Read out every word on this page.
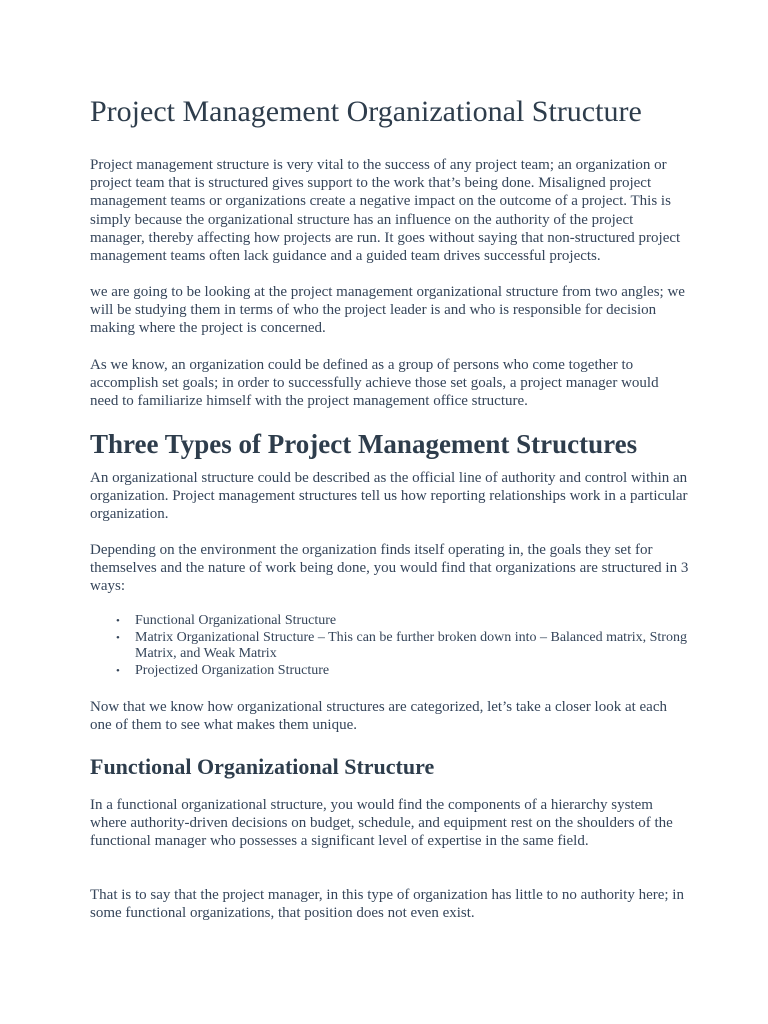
Project Management Organizational Structure

Project management structure is very vital to the success of any project team; an organization or project team that is structured gives support to the work that’s being done. Misaligned project management teams or organizations create a negative impact on the outcome of a project. This is simply because the organizational structure has an influence on the authority of the project manager, thereby affecting how projects are run. It goes without saying that non-structured project management teams often lack guidance and a guided team drives successful projects.

we are going to be looking at the project management organizational structure from two angles; we will be studying them in terms of who the project leader is and who is responsible for decision making where the project is concerned.

As we know, an organization could be defined as a group of persons who come together to accomplish set goals; in order to successfully achieve those set goals, a project manager would need to familiarize himself with the project management office structure.

Three Types of Project Management Structures

An organizational structure could be described as the official line of authority and control within an organization. Project management structures tell us how reporting relationships work in a particular organization.

Depending on the environment the organization finds itself operating in, the goals they set for themselves and the nature of work being done, you would find that organizations are structured in 3 ways:

• Functional Organizational Structure
• Matrix Organizational Structure – This can be further broken down into – Balanced matrix, Strong Matrix, and Weak Matrix
• Projectized Organization Structure

Now that we know how organizational structures are categorized, let’s take a closer look at each one of them to see what makes them unique.

Functional Organizational Structure

In a functional organizational structure, you would find the components of a hierarchy system where authority-driven decisions on budget, schedule, and equipment rest on the shoulders of the functional manager who possesses a significant level of expertise in the same field.

That is to say that the project manager, in this type of organization has little to no authority here; in some functional organizations, that position does not even exist.
